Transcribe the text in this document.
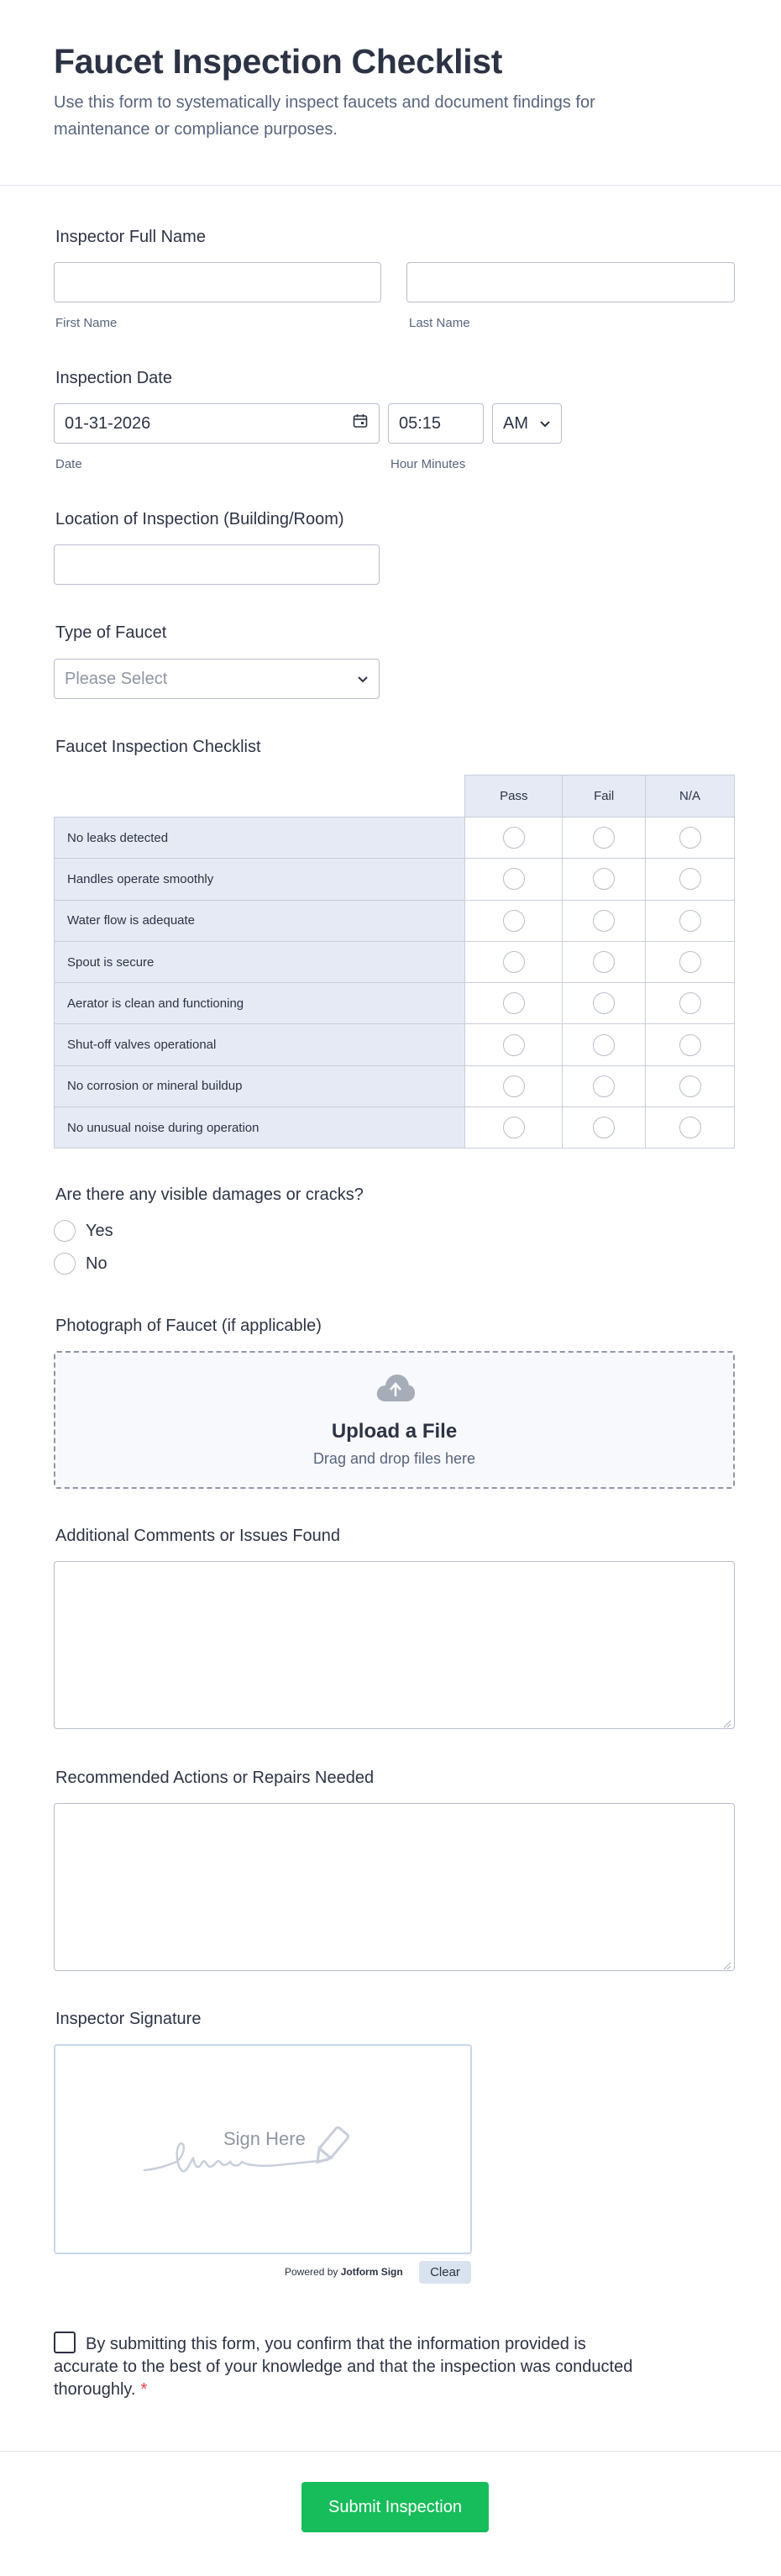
Faucet Inspection Checklist

Use this form to systematically inspect faucets and document findings for maintenance or compliance purposes.

Inspector Full Name
First Name	Last Name
Inspection Date
01-31-2026	05:15	AM
Date	Hour Minutes
Location of Inspection (Building/Room)
Type of Faucet
Please Select
Faucet Inspection Checklist
	Pass	Fail	N/A
No leaks detected			
Handles operate smoothly			
Water flow is adequate			
Spout is secure			
Aerator is clean and functioning			
Shut-off valves operational			
No corrosion or mineral buildup			
No unusual noise during operation			
Are there any visible damages or cracks?
Yes
No
Photograph of Faucet (if applicable)
Upload a File
Drag and drop files here
Additional Comments or Issues Found
Recommended Actions or Repairs Needed
Inspector Signature
Sign Here
Powered by Jotform Sign	Clear
By submitting this form, you confirm that the information provided is accurate to the best of your knowledge and that the inspection was conducted thoroughly. *
Submit Inspection
